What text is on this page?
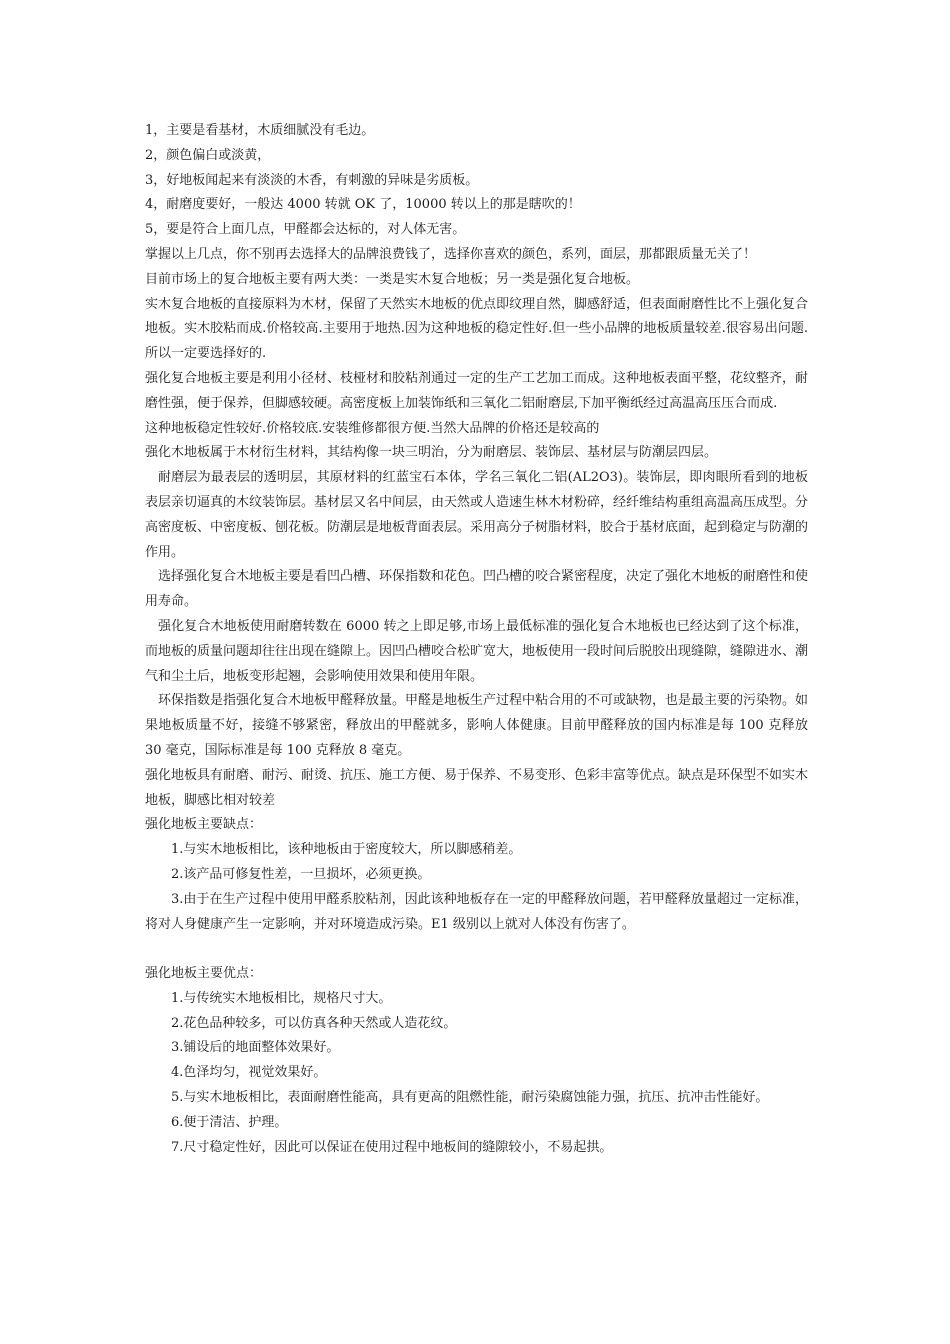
1，主要是看基材，木质细腻没有毛边。

2，颜色偏白或淡黄，

3，好地板闻起来有淡淡的木香，有刺激的异味是劣质板。

4，耐磨度要好，一般达 4000 转就 OK 了，10000 转以上的那是瞎吹的！

5，要是符合上面几点，甲醛都会达标的，对人体无害。

掌握以上几点，你不别再去选择大的品牌浪费钱了，选择你喜欢的颜色，系列，面层，那都跟质量无关了！

目前市场上的复合地板主要有两大类：一类是实木复合地板；另一类是强化复合地板。

实木复合地板的直接原料为木材，保留了天然实木地板的优点即纹理自然，脚感舒适，但表面耐磨性比不上强化复合地板。实木胶粘而成.价格较高.主要用于地热.因为这种地板的稳定性好.但一些小品牌的地板质量较差.很容易出问题.所以一定要选择好的.

强化复合地板主要是利用小径材、枝桠材和胶粘剂通过一定的生产工艺加工而成。这种地板表面平整，花纹整齐，耐磨性强，便于保养，但脚感较硬。高密度板上加装饰纸和三氧化二铝耐磨层,下加平衡纸经过高温高压压合而成.

这种地板稳定性较好.价格较底.安装维修都很方便.当然大品牌的价格还是较高的

强化木地板属于木材衍生材料，其结构像一块三明治，分为耐磨层、装饰层、基材层与防潮层四层。

耐磨层为最表层的透明层，其原材料的红蓝宝石本体，学名三氧化二铝(AL2O3)。装饰层，即肉眼所看到的地板表层亲切逼真的木纹装饰层。基材层又名中间层，由天然或人造速生林木材粉碎，经纤维结构重组高温高压成型。分高密度板、中密度板、刨花板。防潮层是地板背面表层。采用高分子树脂材料，胶合于基材底面，起到稳定与防潮的作用。

选择强化复合木地板主要是看凹凸槽、环保指数和花色。凹凸槽的咬合紧密程度，决定了强化木地板的耐磨性和使用寿命。

强化复合木地板使用耐磨转数在 6000 转之上即足够,市场上最低标准的强化复合木地板也已经达到了这个标准，而地板的质量问题却往往出现在缝隙上。因凹凸槽咬合松旷宽大，地板使用一段时间后脱胶出现缝隙，缝隙进水、潮气和尘土后，地板变形起翘，会影响使用效果和使用年限。

环保指数是指强化复合木地板甲醛释放量。甲醛是地板生产过程中粘合用的不可或缺物，也是最主要的污染物。如果地板质量不好，接缝不够紧密，释放出的甲醛就多，影响人体健康。目前甲醛释放的国内标准是每 100 克释放 30 毫克，国际标准是每 100 克释放 8 毫克。

强化地板具有耐磨、耐污、耐烫、抗压、施工方便、易于保养、不易变形、色彩丰富等优点。缺点是环保型不如实木地板，脚感比相对较差

强化地板主要缺点：

1.与实木地板相比，该种地板由于密度较大，所以脚感稍差。

2.该产品可修复性差，一旦损坏，必须更换。

3.由于在生产过程中使用甲醛系胶粘剂，因此该种地板存在一定的甲醛释放问题，若甲醛释放量超过一定标准，将对人身健康产生一定影响，并对环境造成污染。E1 级别以上就对人体没有伤害了。

强化地板主要优点：

1.与传统实木地板相比，规格尺寸大。

2.花色品种较多，可以仿真各种天然或人造花纹。

3.铺设后的地面整体效果好。

4.色泽均匀，视觉效果好。

5.与实木地板相比，表面耐磨性能高，具有更高的阻燃性能，耐污染腐蚀能力强，抗压、抗冲击性能好。

6.便于清洁、护理。

7.尺寸稳定性好，因此可以保证在使用过程中地板间的缝隙较小，不易起拱。
